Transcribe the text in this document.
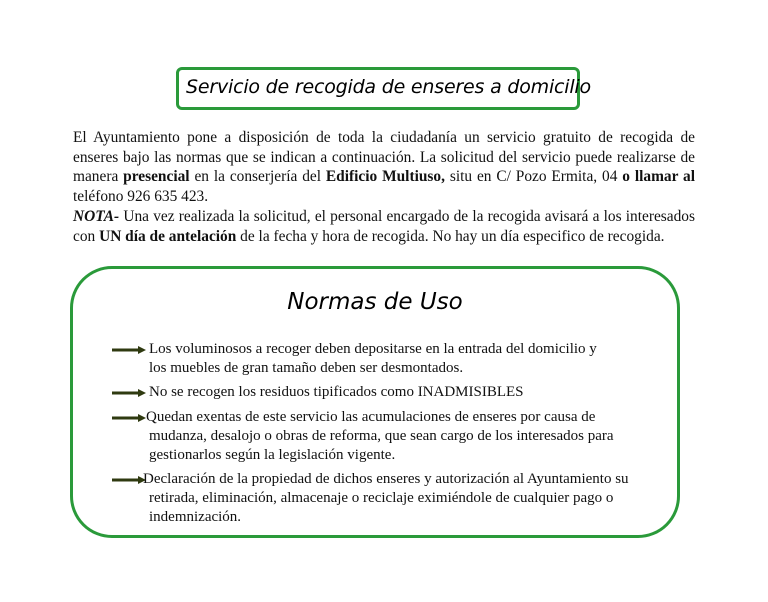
Servicio de recogida de enseres a domicilio
El Ayuntamiento pone a disposición de toda la ciudadanía un servicio gratuito de recogida de
enseres bajo las normas que se indican a continuación. La solicitud del servicio puede realizarse de
manera presencial en la conserjería del Edificio Multiuso, situ en C/ Pozo Ermita, 04 o llamar al
teléfono 926 635 423.
NOTA- Una vez realizada la solicitud, el personal encargado de la recogida avisará a los interesados
con UN día de antelación de la fecha y hora de recogida. No hay un día especifico de recogida.
Normas de Uso
Los voluminosos a recoger deben depositarse en la entrada del domicilio y
los muebles de gran tamaño deben ser desmontados.
No se recogen los residuos tipificados como INADMISIBLES
Quedan exentas de este servicio las acumulaciones de enseres por causa de
mudanza, desalojo o obras de reforma, que sean cargo de los interesados para
gestionarlos según la legislación vigente.
Declaración de la propiedad de dichos enseres y autorización al Ayuntamiento su
retirada, eliminación, almacenaje o reciclaje eximiéndole de cualquier pago o
indemnización.
